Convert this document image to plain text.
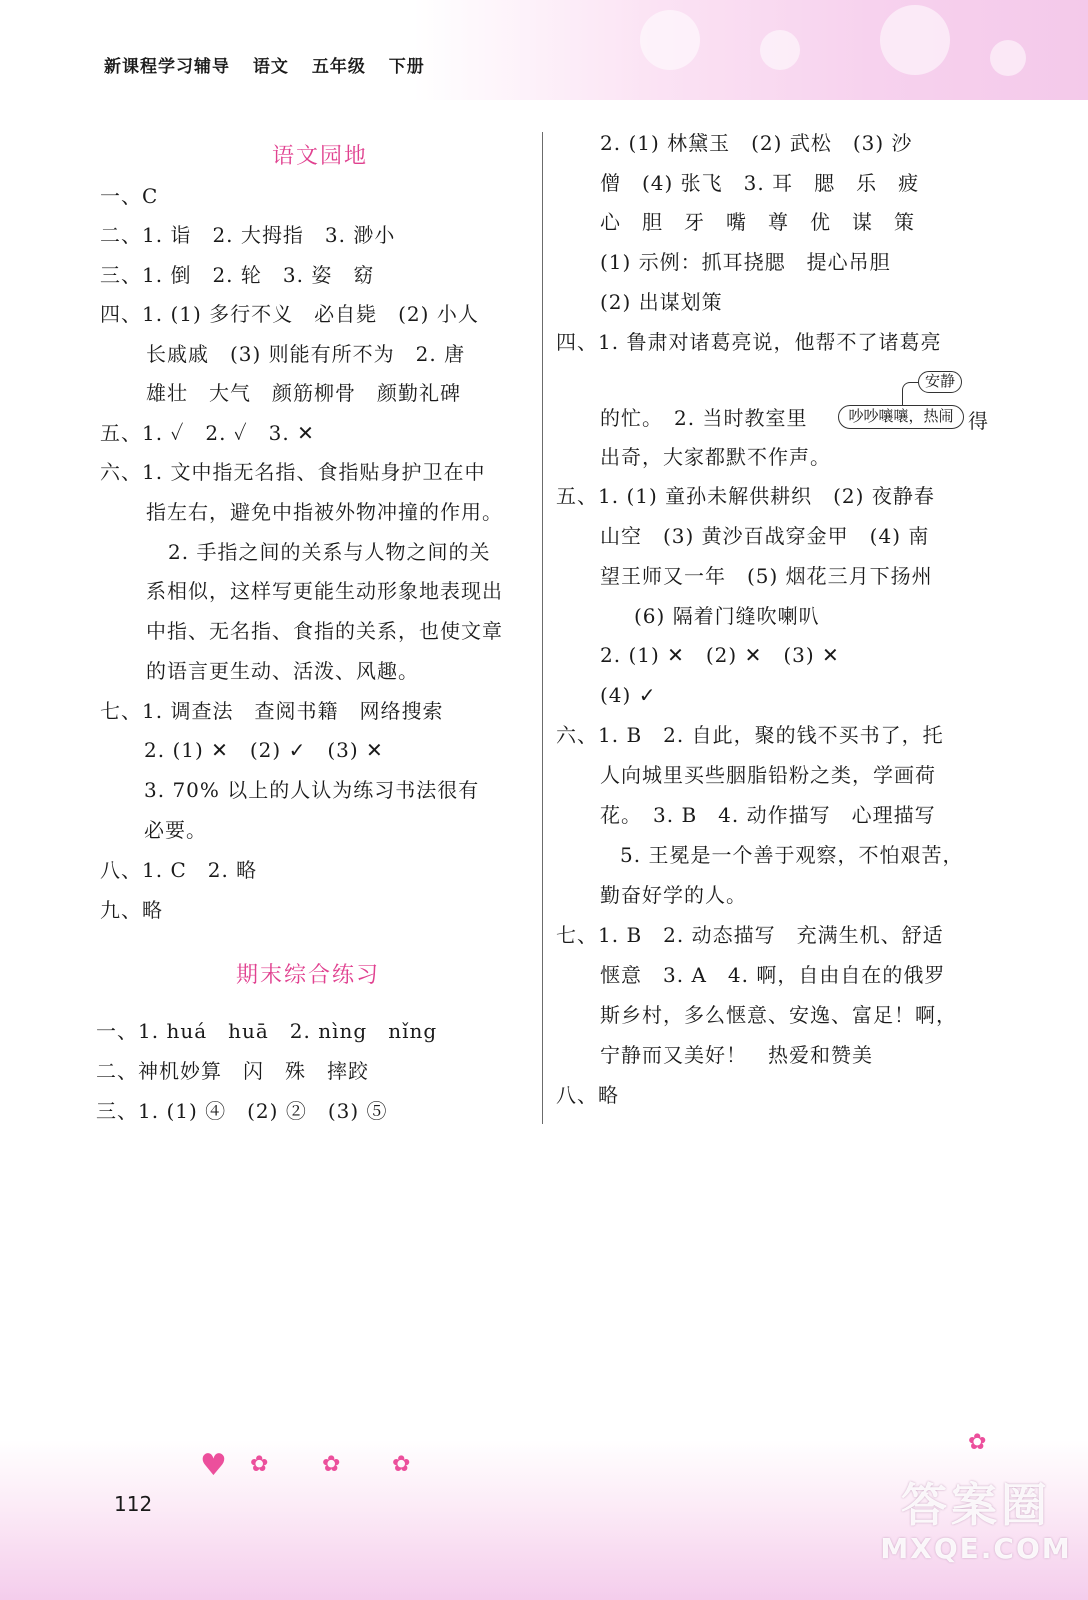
新课程学习辅导 语文 五年级 下册
语文园地
一、C
二、1. 诣　2. 大拇指　3. 渺小
三、1. 倒　2. 轮　3. 姿　窈
四、1. (1) 多行不义　必自毙　(2) 小人
长戚戚　(3) 则能有所不为　2. 唐
雄壮　大气　颜筋柳骨　颜勤礼碑
五、1. ✓　2. ✓　3. ✕
六、1. 文中指无名指、食指贴身护卫在中
指左右，避免中指被外物冲撞的作用。
2. 手指之间的关系与人物之间的关
系相似，这样写更能生动形象地表现出
中指、无名指、食指的关系，也使文章
的语言更生动、活泼、风趣。
七、1. 调查法　查阅书籍　网络搜索
2. (1) ✕　(2) ✓　(3) ✕
3. 70% 以上的人认为练习书法很有
必要。
八、1. C　2. 略
九、略
期末综合练习
一、1. huá　huā　2. nìng　nǐng
二、神机妙算　闪　殊　摔跤
三、1. (1) ④　(2) ②　(3) ⑤
2. (1) 林黛玉　(2) 武松　(3) 沙
僧　(4) 张飞　3. 耳　腮　乐　疲
心　胆　牙　嘴　尊　优　谋　策
(1) 示例：抓耳挠腮　提心吊胆
(2) 出谋划策
四、1. 鲁肃对诸葛亮说，他帮不了诸葛亮
的忙。　2. 当时教室里
安静
吵吵嚷嚷，热闹 得
出奇，大家都默不作声。
五、1. (1) 童孙未解供耕织　(2) 夜静春
山空　(3) 黄沙百战穿金甲　(4) 南
望王师又一年　(5) 烟花三月下扬州
(6) 隔着门缝吹喇叭
2. (1) ✕　(2) ✕　(3) ✕
(4) ✓
六、1. B　2. 自此，聚的钱不买书了，托
人向城里买些胭脂铅粉之类，学画荷
花。　3. B　4. 动作描写　心理描写
5. 王冕是一个善于观察，不怕艰苦，
勤奋好学的人。
七、1. B　2. 动态描写　充满生机、舒适
惬意　3. A　4. 啊，自由自在的俄罗
斯乡村，多么惬意、安逸、富足！啊，
宁静而又美好！　热爱和赞美
八、略
♥ ✿ ✿ ✿
✿
112	答案圈
MXQE.COM
